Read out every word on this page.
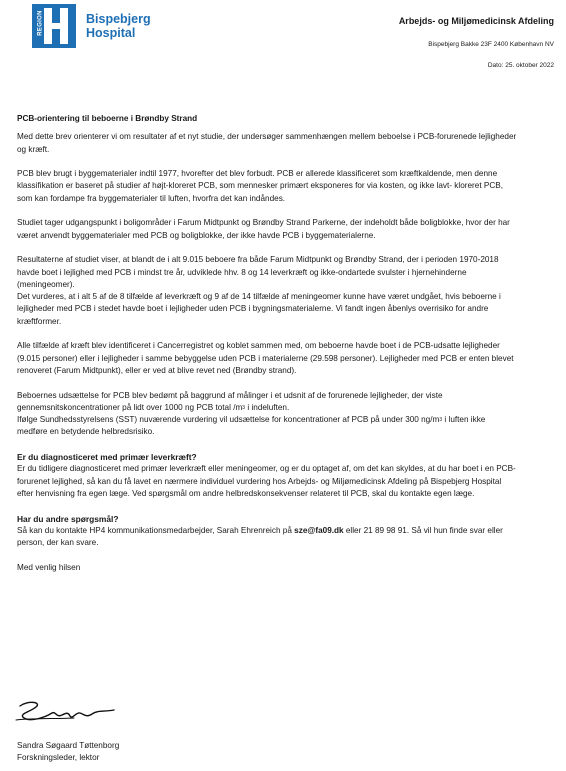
REGION	Bispebjerg
Hospital
Arbejds- og Miljømedicinsk Afdeling
Bispebjerg Bakke 23F 2400 København NV
Dato: 25. oktober 2022

PCB-orientering til beboerne i Brøndby Strand

Med dette brev orienterer vi om resultater af et nyt studie, der undersøger sammenhængen mellem beboelse i PCB-forurenede lejligheder og kræft.

PCB blev brugt i byggematerialer indtil 1977, hvorefter det blev forbudt. PCB er allerede klassificeret som kræftkaldende, men denne klassifikation er baseret på studier af højt-kloreret PCB, som mennesker primært eksponeres for via kosten, og ikke lavt- kloreret PCB, som kan fordampe fra byggematerialer til luften, hvorfra det kan indåndes.

Studiet tager udgangspunkt i boligområder i Farum Midtpunkt og Brøndby Strand Parkerne, der indeholdt både boligblokke, hvor der har været anvendt byggematerialer med PCB og boligblokke, der ikke havde PCB i byggematerialerne.

Resultaterne af studiet viser, at blandt de i alt 9.015 beboere fra både Farum Midtpunkt og Brøndby Strand, der i perioden 1970-2018 havde boet i lejlighed med PCB i mindst tre år, udviklede hhv. 8 og 14 leverkræft og ikke-ondartede svulster i hjernehinderne (meningeomer).
Det vurderes, at i alt 5 af de 8 tilfælde af leverkræft og 9 af de 14 tilfælde af meningeomer kunne have været undgået, hvis beboerne i lejligheder med PCB i stedet havde boet i lejligheder uden PCB i bygningsmaterialerne. Vi fandt ingen åbenlys overrisiko for andre kræftformer.

Alle tilfælde af kræft blev identificeret i Cancerregistret og koblet sammen med, om beboerne havde boet i de PCB-udsatte lejligheder (9.015 personer) eller i lejligheder i samme bebyggelse uden PCB i materialerne (29.598 personer). Lejligheder med PCB er enten blevet renoveret (Farum Midtpunkt), eller er ved at blive revet ned (Brøndby strand).

Beboernes udsættelse for PCB blev bedømt på baggrund af målinger i et udsnit af de forurenede lejligheder, der viste gennemsnitskoncentrationer på lidt over 1000 ng PCB total $/m^3$ i indeluften.
Ifølge Sundhedsstyrelsens (SST) nuværende vurdering vil udsættelse for koncentrationer af PCB på under 300 $ng/m^3$ i luften ikke medføre en betydende helbredsrisiko.

Er du diagnosticeret med primær leverkræft?

Er du tidligere diagnosticeret med primær leverkræft eller meningeomer, og er du optaget af, om det kan skyldes, at du har boet i en PCB-forurenet lejlighed, så kan du få lavet en nærmere individuel vurdering hos Arbejds- og Miljømedicinsk Afdeling på Bispebjerg Hospital efter henvisning fra egen læge. Ved spørgsmål om andre helbredskonsekvenser relateret til PCB, skal du kontakte egen læge.

Har du andre spørgsmål?

Så kan du kontakte HP4 kommunikationsmedarbejder, Sarah Ehrenreich på sze@fa09.dk eller 21 89 98 91. Så vil hun finde svar eller person, der kan svare.

Med venlig hilsen

Sandra Søgaard Tøttenborg
Forskningsleder, lektor
